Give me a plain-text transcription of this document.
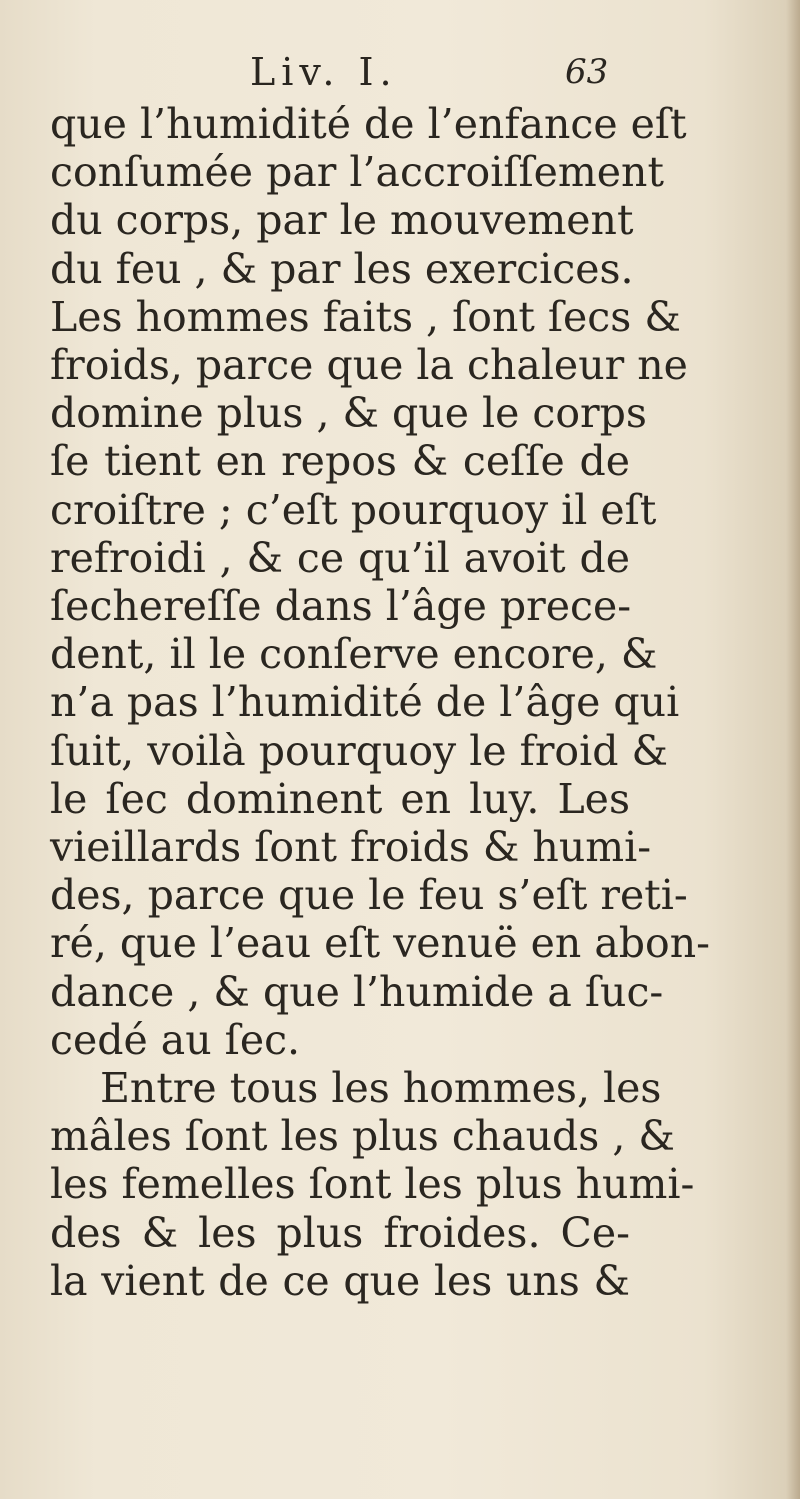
Liv. I.	63
que l’humidité de l’enfance eſt
conſumée par l’accroiſſement
du corps, par le mouvement
du feu , & par les exercices.
Les hommes faits , ſont ſecs &
froids, parce que la chaleur ne
domine plus , & que le corps
ſe tient en repos & ceſſe de
croiſtre ; c’eſt pourquoy il eſt
refroidi , & ce qu’il avoit de
ſecherеſſe dans l’âge prece-
dent, il le conſerve encore, &
n’a pas l’humidité de l’âge qui
ſuit, voilà pourquoy le froid &
le ſec dominent en luy. Les
vieillards ſont froids & humi-
des, parce que le feu s’eſt reti-
ré, que l’eau eſt venuë en abon-
dance , & que l’humide a ſuc-
cedé au ſec.
Entre tous les hommes, les
mâles ſont les plus chauds , &
les femelles ſont les plus humi-
des & les plus froides. Ce-
la vient de ce que les uns &
